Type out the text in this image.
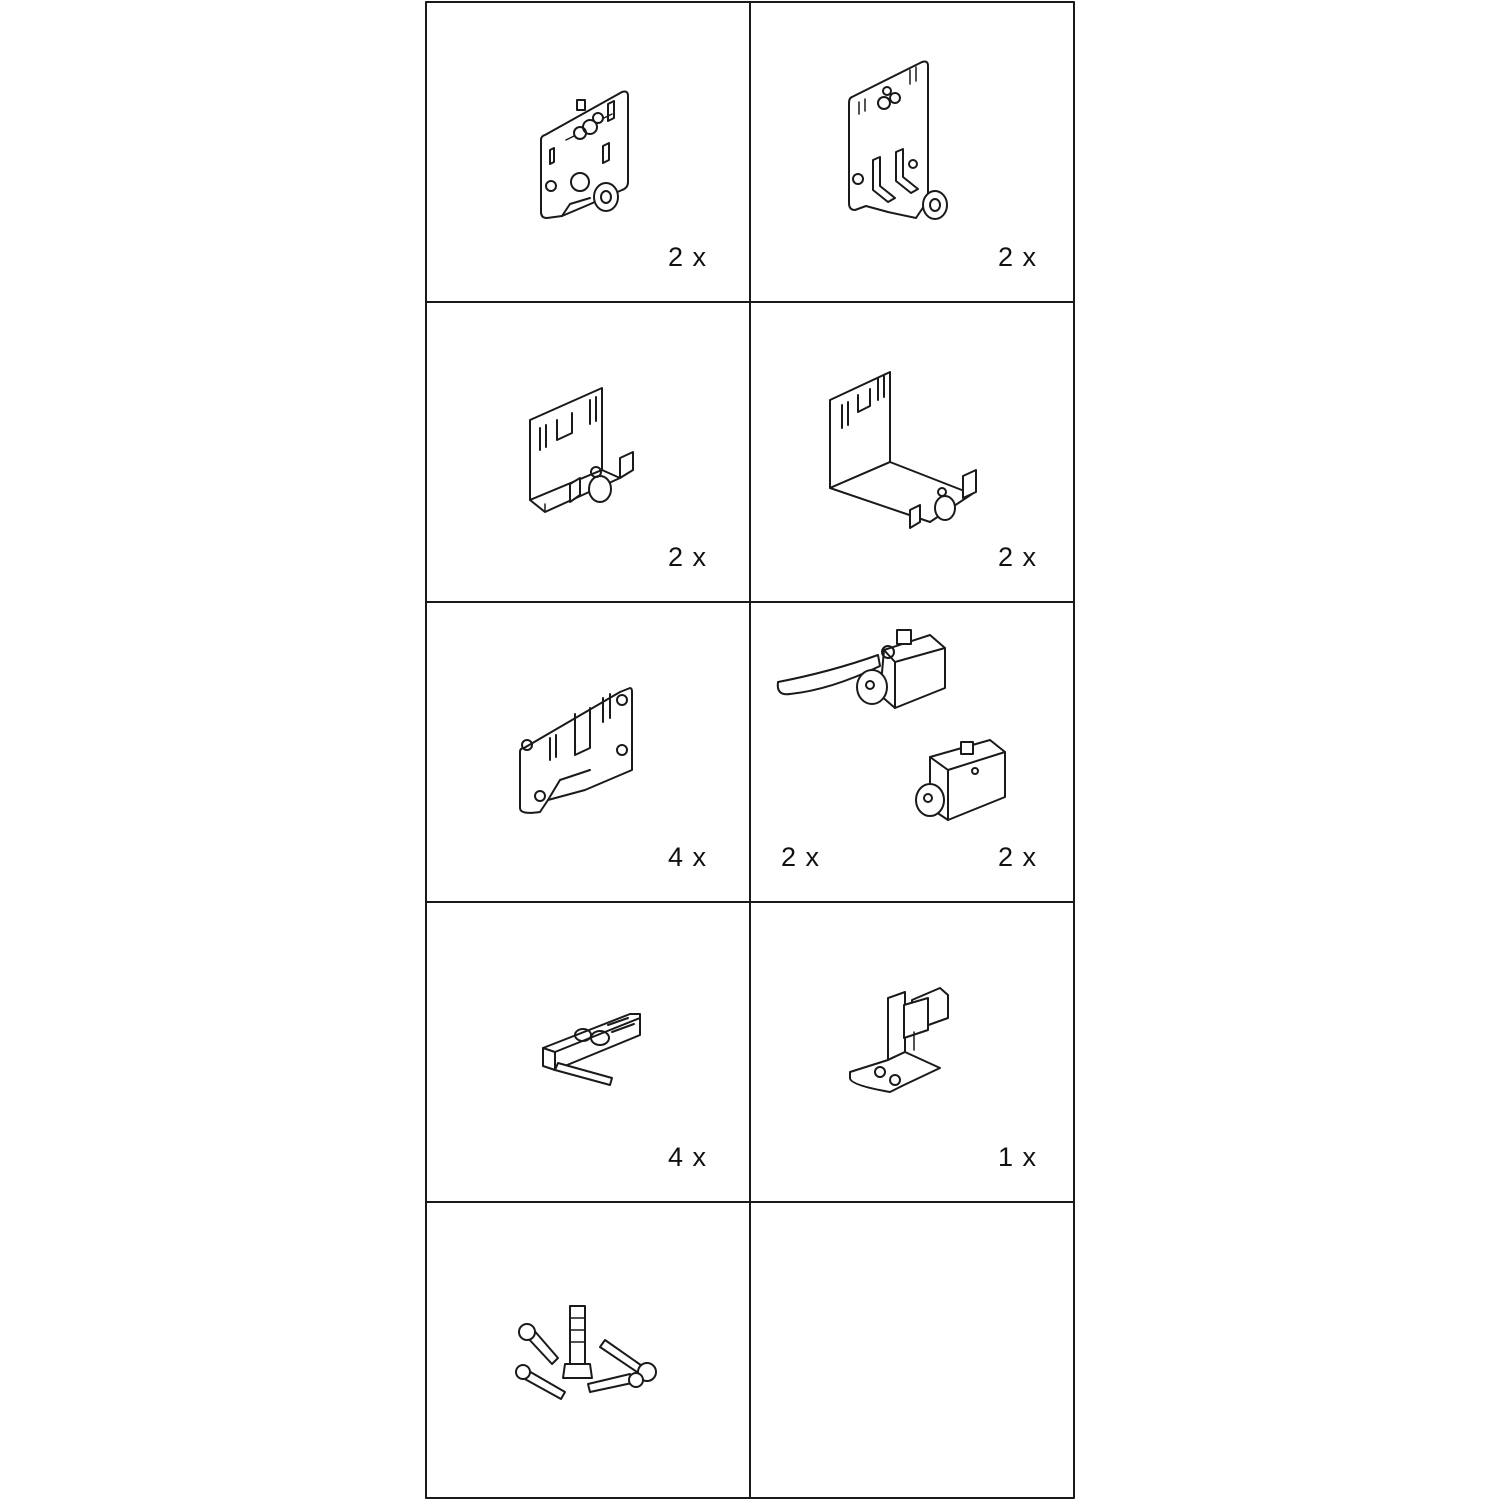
2 x	2 x
2 x	2 x
4 x	2 x	2 x
4 x	1 x
